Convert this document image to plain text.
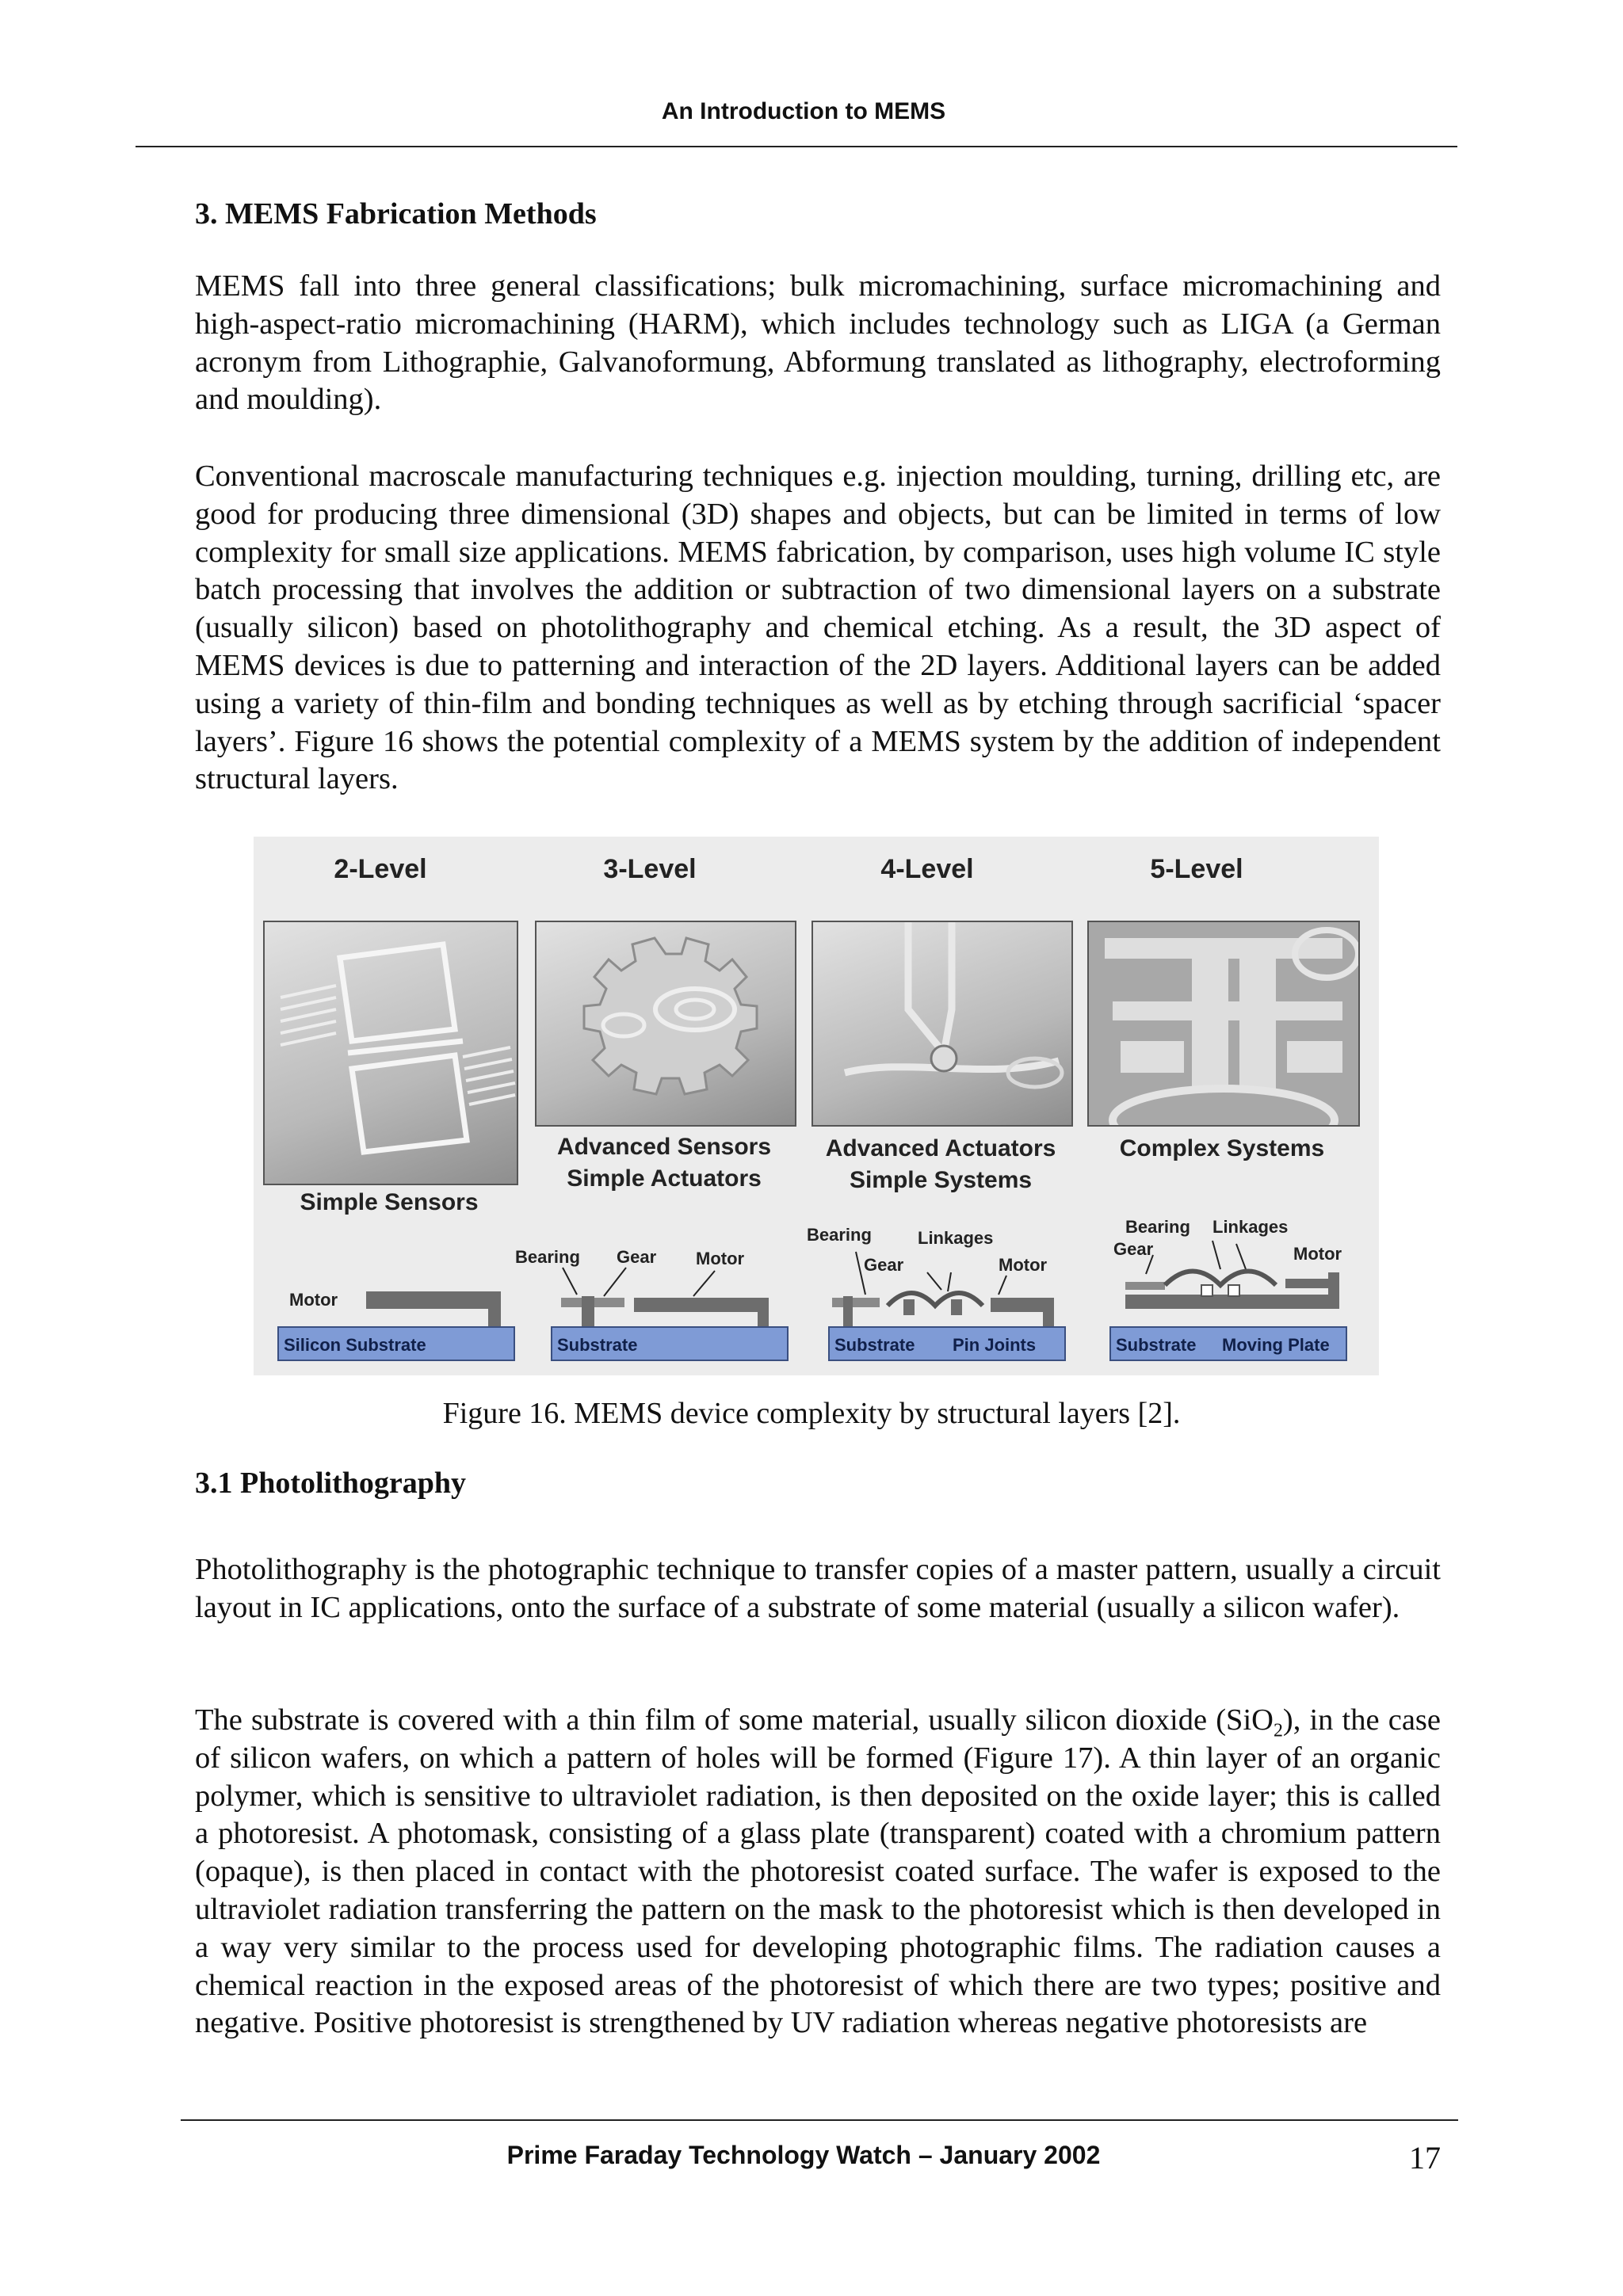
An Introduction to MEMS
3. MEMS Fabrication Methods

MEMS fall into three general classifications; bulk micromachining, surface micromachining and high-aspect-ratio micromachining (HARM), which includes technology such as LIGA (a German acronym from Lithographie, Galvanoformung, Abformung translated as lithography, electroforming and moulding).

Conventional macroscale manufacturing techniques e.g. injection moulding, turning, drilling etc, are good for producing three dimensional (3D) shapes and objects, but can be limited in terms of low complexity for small size applications. MEMS fabrication, by comparison, uses high volume IC style batch processing that involves the addition or subtraction of two dimensional layers on a substrate (usually silicon) based on photolithography and chemical etching. As a result, the 3D aspect of MEMS devices is due to patterning and interaction of the 2D layers. Additional layers can be added using a variety of thin-film and bonding techniques as well as by etching through sacrificial ‘spacer layers’. Figure 16 shows the potential complexity of a MEMS system by the addition of independent structural layers.

2-Level	3-Level	4-Level	5-Level
Simple Sensors
Advanced Sensors
Simple Actuators
Advanced Actuators
Simple Systems
Complex Systems
Motor
Silicon Substrate
Bearing Gear Motor
Substrate
Bearing	Linkages
Gear	Motor
Substrate Pin Joints
Bearing Linkages
Gear	Motor
Substrate Moving Plate
Figure 16. MEMS device complexity by structural layers [2].
3.1 Photolithography

Photolithography is the photographic technique to transfer copies of a master pattern, usually a circuit layout in IC applications, onto the surface of a substrate of some material (usually a silicon wafer).

The substrate is covered with a thin film of some material, usually silicon dioxide (SiO$_2$), in the case of silicon wafers, on which a pattern of holes will be formed (Figure 17). A thin layer of an organic polymer, which is sensitive to ultraviolet radiation, is then deposited on the oxide layer; this is called a photoresist. A photomask, consisting of a glass plate (transparent) coated with a chromium pattern (opaque), is then placed in contact with the photoresist coated surface. The wafer is exposed to the ultraviolet radiation transferring the pattern on the mask to the photoresist which is then developed in a way very similar to the process used for developing photographic films. The radiation causes a chemical reaction in the exposed areas of the photoresist of which there are two types; positive and negative. Positive photoresist is strengthened by UV radiation whereas negative photoresists are

Prime Faraday Technology Watch – January 2002	17
